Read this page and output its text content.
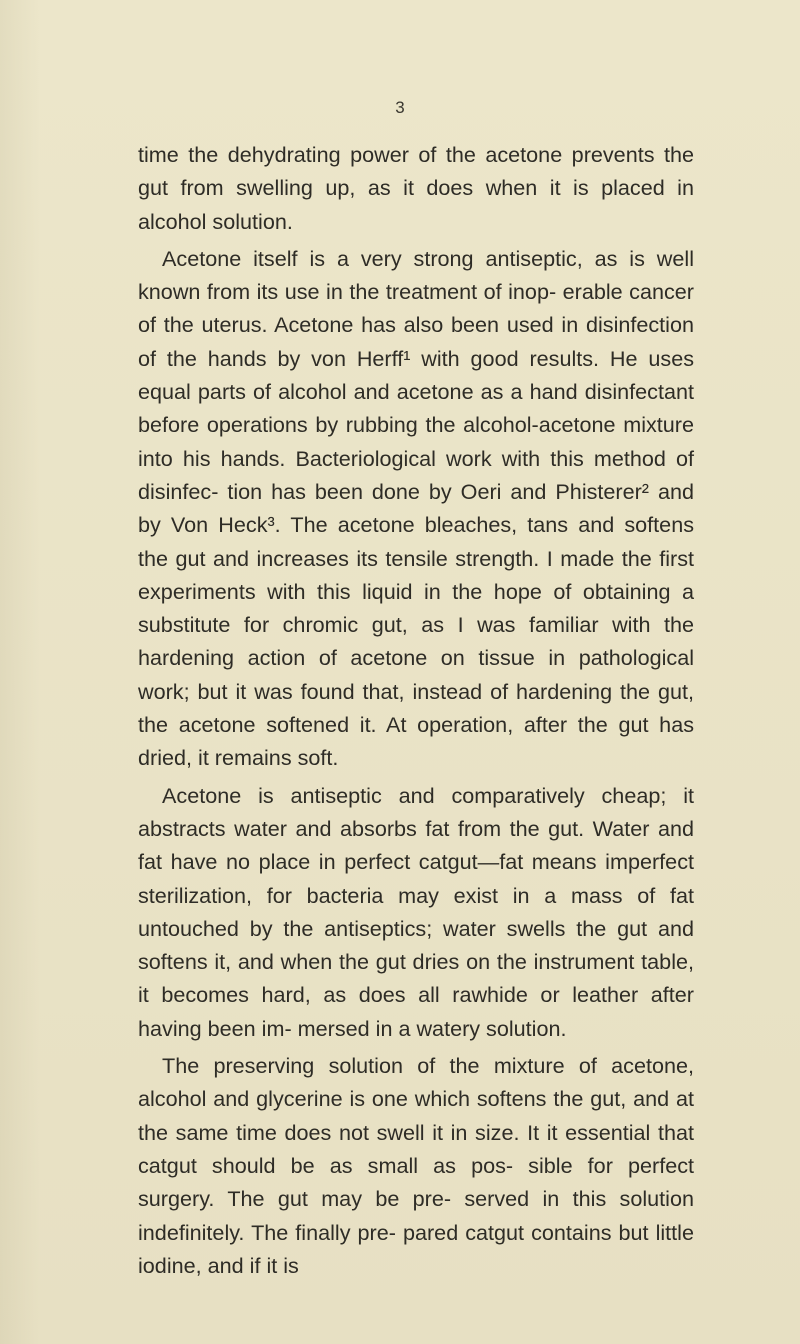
3

time the dehydrating power of the acetone prevents the gut from swelling up, as it does when it is placed in alcohol solution.

Acetone itself is a very strong antiseptic, as is well known from its use in the treatment of inop- erable cancer of the uterus. Acetone has also been used in disinfection of the hands by von Herff¹ with good results. He uses equal parts of alcohol and acetone as a hand disinfectant before operations by rubbing the alcohol-acetone mixture into his hands. Bacteriological work with this method of disinfec- tion has been done by Oeri and Phisterer² and by Von Heck³. The acetone bleaches, tans and softens the gut and increases its tensile strength. I made the first experiments with this liquid in the hope of obtaining a substitute for chromic gut, as I was familiar with the hardening action of acetone on tissue in pathological work; but it was found that, instead of hardening the gut, the acetone softened it. At operation, after the gut has dried, it remains soft.

Acetone is antiseptic and comparatively cheap; it abstracts water and absorbs fat from the gut. Water and fat have no place in perfect catgut—fat means imperfect sterilization, for bacteria may exist in a mass of fat untouched by the antiseptics; water swells the gut and softens it, and when the gut dries on the instrument table, it becomes hard, as does all rawhide or leather after having been im- mersed in a watery solution.

The preserving solution of the mixture of acetone, alcohol and glycerine is one which softens the gut, and at the same time does not swell it in size. It it essential that catgut should be as small as pos- sible for perfect surgery. The gut may be pre- served in this solution indefinitely. The finally pre- pared catgut contains but little iodine, and if it is
